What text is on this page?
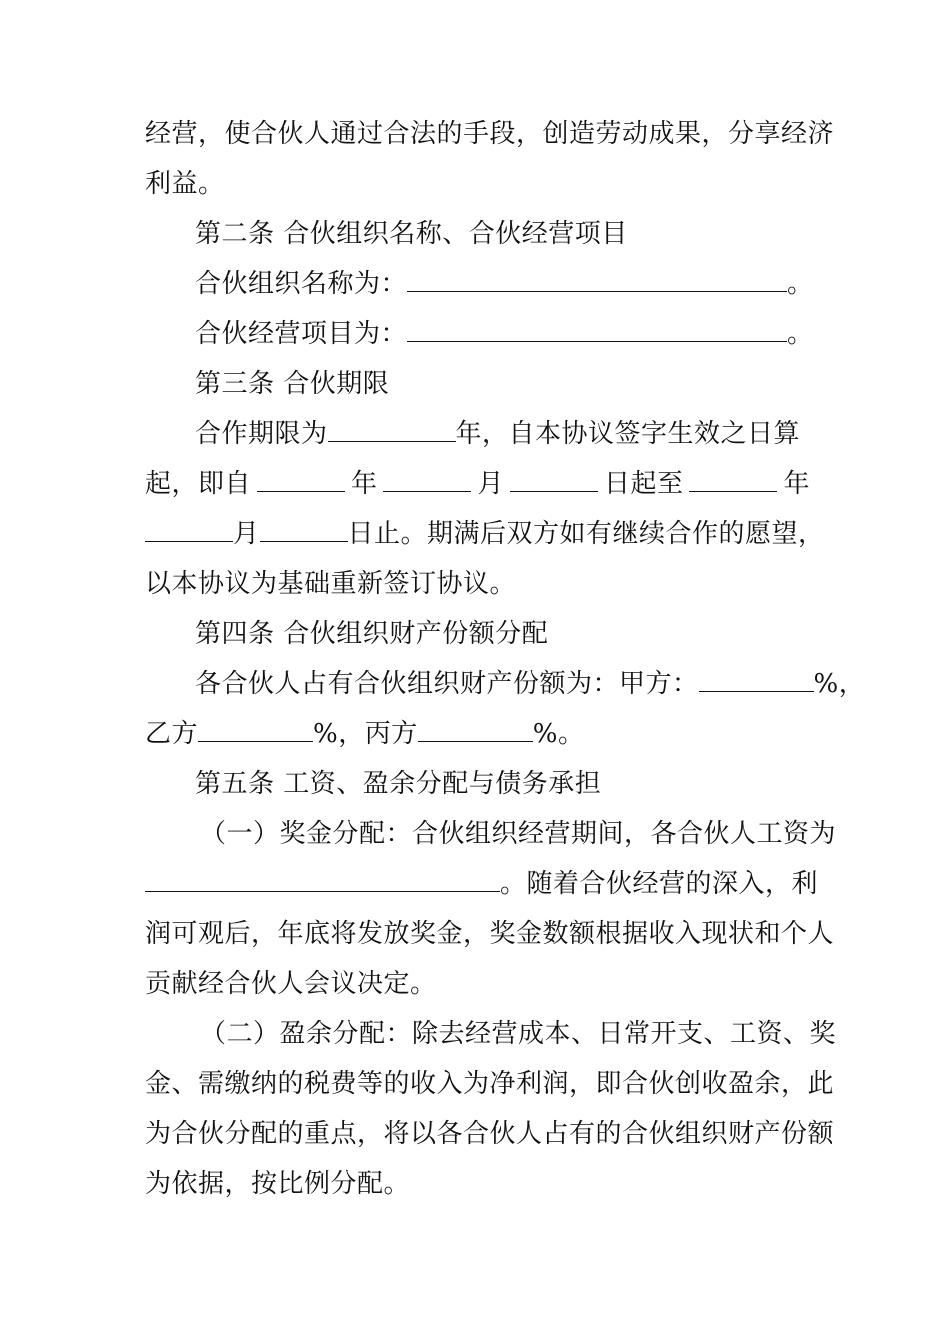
经营，使合伙人通过合法的手段，创造劳动成果，分享经济
利益。
第二条 合伙组织名称、合伙经营项目
合伙组织名称为：	。
合伙经营项目为：	。
第三条 合伙期限
合作期限为	年，自本协议签字生效之日算
起，即自	年	月	日起至	年
月	日止。期满后双方如有继续合作的愿望，
以本协议为基础重新签订协议。
第四条 合伙组织财产份额分配
各合伙人占有合伙组织财产份额为：甲方：	%，
乙方	%，丙方	%。
第五条 工资、盈余分配与债务承担
（一）奖金分配：合伙组织经营期间，各合伙人工资为
。随着合伙经营的深入，利
润可观后，年底将发放奖金，奖金数额根据收入现状和个人
贡献经合伙人会议决定。
（二）盈余分配：除去经营成本、日常开支、工资、奖
金、需缴纳的税费等的收入为净利润，即合伙创收盈余，此
为合伙分配的重点，将以各合伙人占有的合伙组织财产份额
为依据，按比例分配。
